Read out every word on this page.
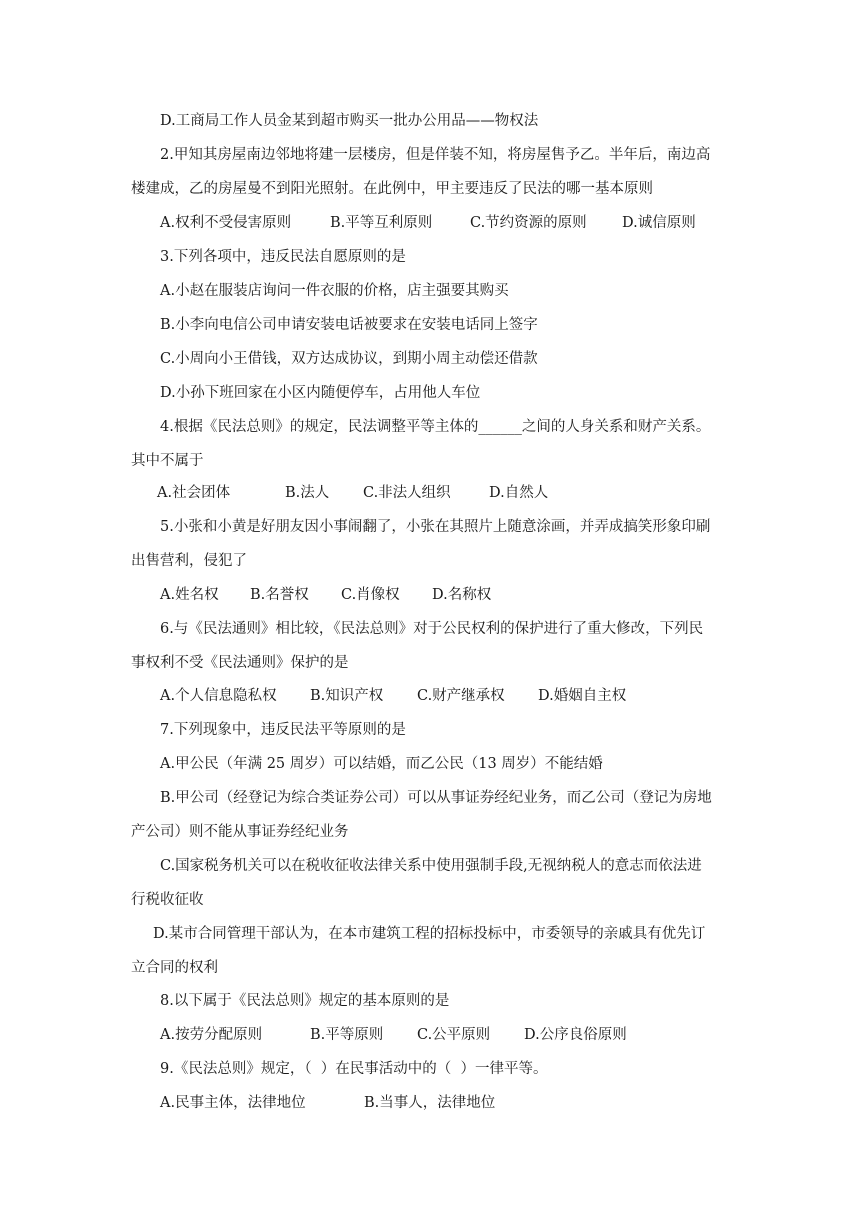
D.工商局工作人员金某到超市购买一批办公用品——物权法
2.甲知其房屋南边邻地将建一层楼房，但是佯装不知，将房屋售予乙。半年后，南边高
楼建成，乙的房屋曼不到阳光照射。在此例中，甲主要违反了民法的哪一基本原则

A.权利不受侵害原则

	B.平等互利原则

	C.节约资源的原则

D.诚信原则

3.下列各项中，违反民法自愿原则的是
A.小赵在服装店询问一件衣服的价格，店主强要其购买
B.小李向电信公司申请安装电话被要求在安装电话同上签字
C.小周向小王借钱，双方达成协议，到期小周主动偿还借款
D.小孙下班回家在小区内随便停车，占用他人车位
4.根据《民法总则》的规定，民法调整平等主体的______之间的人身关系和财产关系。
其中不属于

A.社会团体

	B.法人

C.非法人组织

	D.自然人

5.小张和小黄是好朋友因小事闹翻了，小张在其照片上随意涂画，并弄成搞笑形象印刷
出售营利，侵犯了

A.姓名权

B.名誉权

C.肖像权

D.名称权

6.与《民法通则》相比较，《民法总则》对于公民权利的保护进行了重大修改，下列民
事权利不受《民法通则》保护的是

A.个人信息隐私权

B.知识产权

C.财产继承权

D.婚姻自主权

7.下列现象中，违反民法平等原则的是
A.甲公民（年满 25 周岁）可以结婚，而乙公民（13 周岁）不能结婚
B.甲公司（经登记为综合类证券公司）可以从事证券经纪业务，而乙公司（登记为房地
产公司）则不能从事证券经纪业务
C.国家税务机关可以在税收征收法律关系中使用强制手段,无视纳税人的意志而依法进
行税收征收
D.某市合同管理干部认为，在本市建筑工程的招标投标中，市委领导的亲戚具有优先订
立合同的权利
8.以下属于《民法总则》规定的基本原则的是

A.按劳分配原则

	B.平等原则

C.公平原则

D.公序良俗原则

9.《民法总则》规定，（  ）在民事活动中的（  ）一律平等。

A.民事主体，法律地位

	B.当事人，法律地位
